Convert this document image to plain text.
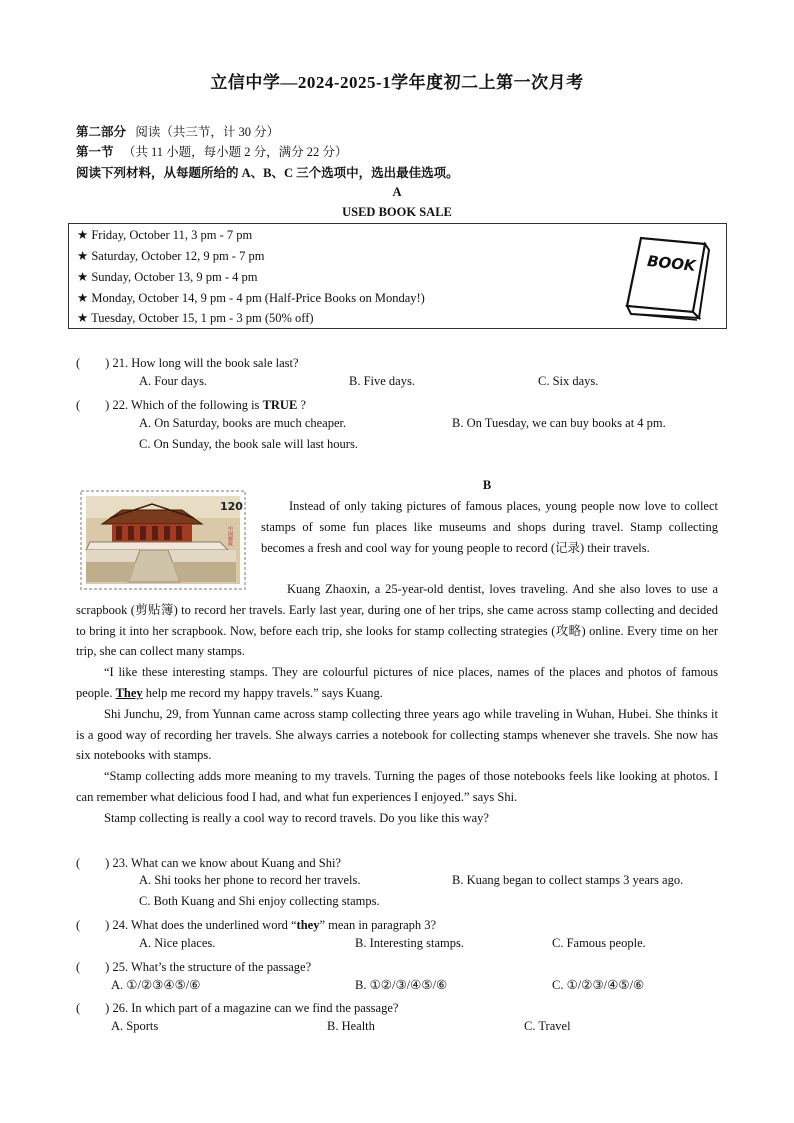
立信中学—2024-2025-1学年度初二上第一次月考
第二部分 阅读（共三节，计 30 分）
第一节 （共 11 小题，每小题 2 分，满分 22 分）
阅读下列材料，从每题所给的 A、B、C 三个选项中，选出最佳选项。
A
USED BOOK SALE
★ Friday, October 11, 3 pm - 7 pm
★ Saturday, October 12, 9 pm - 7 pm
★ Sunday, October 13, 9 pm - 4 pm
★ Monday, October 14, 9 pm - 4 pm (Half-Price Books on Monday!)
★ Tuesday, October 15, 1 pm - 3 pm (50% off)
BOOK
(　　) 21. How long will the book sale last?
A. Four days.	B. Five days.	C. Six days.
(　　) 22. Which of the following is TRUE ?
A. On Saturday, books are much cheaper.	B. On Tuesday, we can buy books at 4 pm.
C. On Sunday, the book sale will last hours.
B
120
中国邮政

Instead of only taking pictures of famous places, young people now love to collect stamps of some fun places like museums and shops during travel. Stamp collecting becomes a fresh and cool way for young people to record (记录) their travels.

Kuang Zhaoxin, a 25-year-old dentist, loves traveling. And she also loves to use a scrapbook (剪贴簿) to record her travels. Early last year, during one of her trips, she came across stamp collecting and decided to bring it into her scrapbook. Now, before each trip, she looks for stamp collecting strategies (攻略) online. Every time on her trip, she can collect many stamps.

“I like these interesting stamps. They are colourful pictures of nice places, names of the places and photos of famous people. They help me record my happy travels.” says Kuang.

Shi Junchu, 29, from Yunnan came across stamp collecting three years ago while traveling in Wuhan, Hubei. She thinks it is a good way of recording her travels. She always carries a notebook for collecting stamps whenever she travels. She now has six notebooks with stamps.

“Stamp collecting adds more meaning to my travels. Turning the pages of those notebooks feels like looking at photos. I can remember what delicious food I had, and what fun experiences I enjoyed.” says Shi.

Stamp collecting is really a cool way to record travels. Do you like this way?

(　　) 23. What can we know about Kuang and Shi?
A. Shi tooks her phone to record her travels.	B. Kuang began to collect stamps 3 years ago.
C. Both Kuang and Shi enjoy collecting stamps.
(　　) 24. What does the underlined word “they” mean in paragraph 3?
A. Nice places.	B. Interesting stamps.	C. Famous people.
(　　) 25. What’s the structure of the passage?
A. ①/②③④⑤/⑥	B. ①②/③/④⑤/⑥	C. ①/②③/④⑤/⑥
(　　) 26. In which part of a magazine can we find the passage?
A. Sports	B. Health	C. Travel
